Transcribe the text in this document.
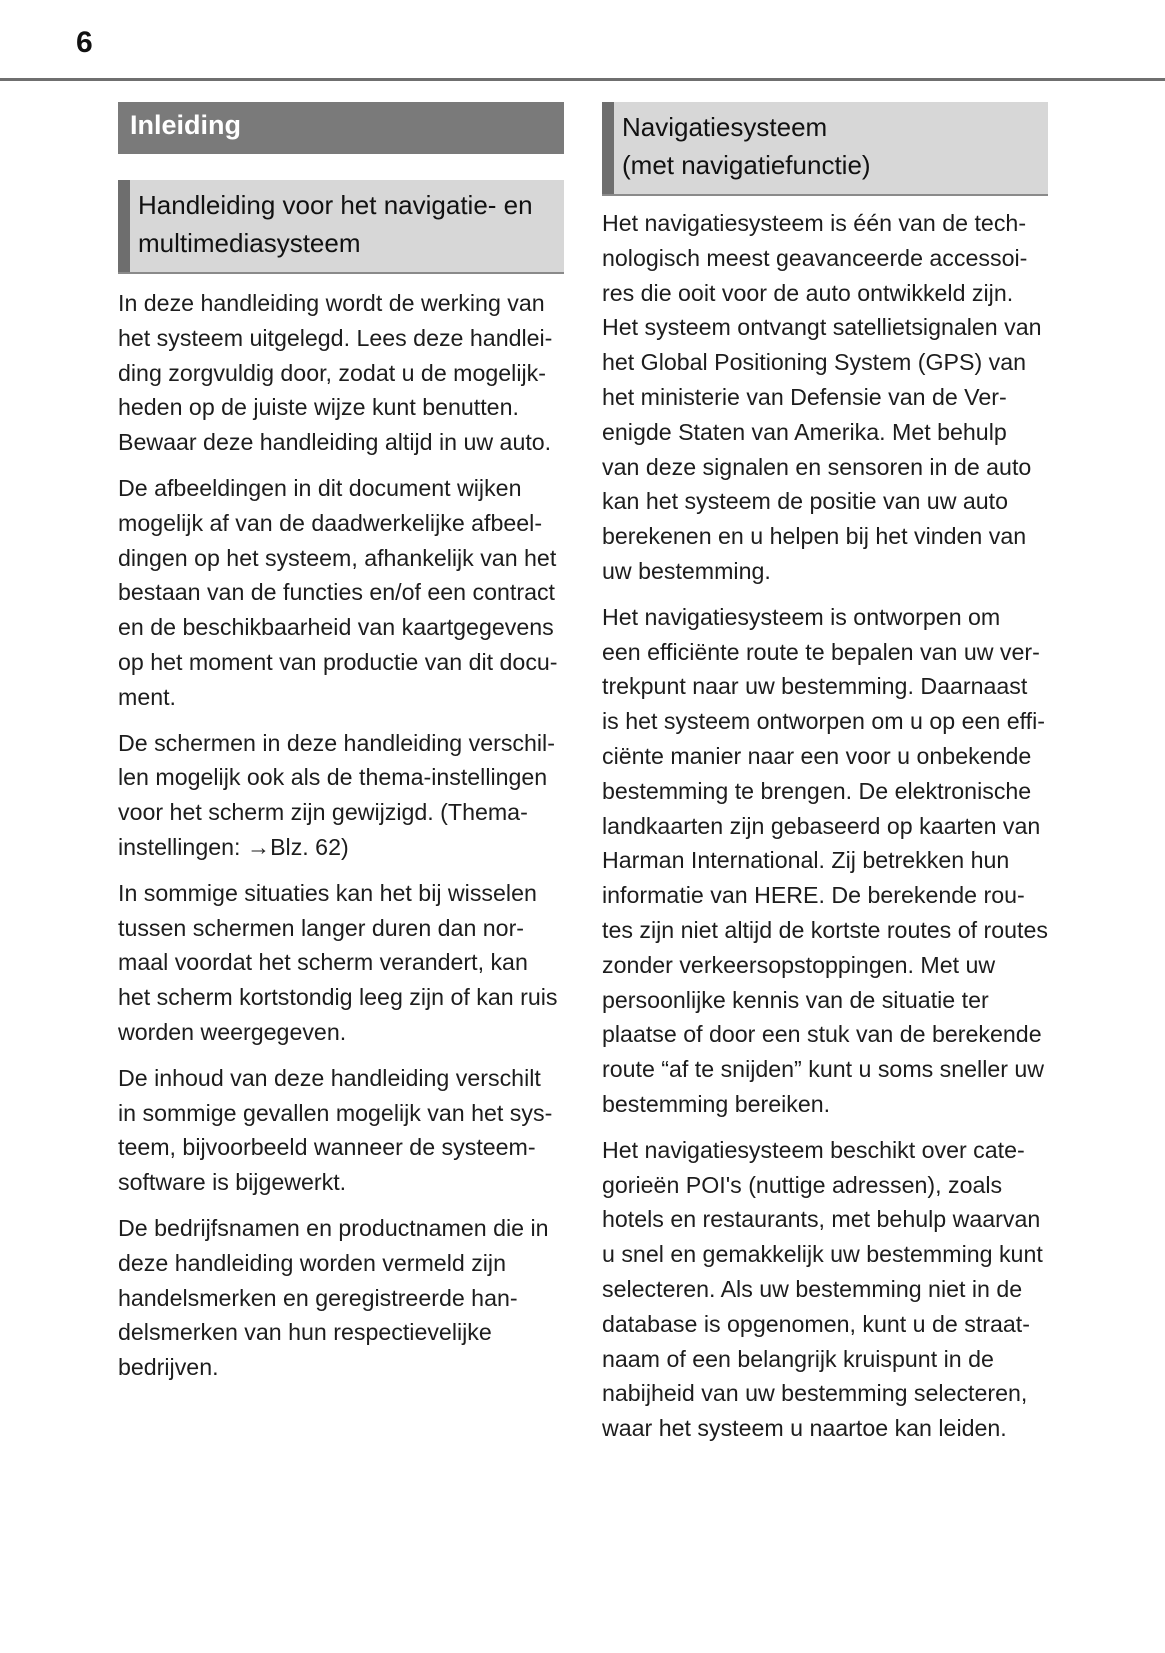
6
Inleiding
Handleiding voor het navigatie- en
multimediasysteem

In deze handleiding wordt de werking van
het systeem uitgelegd. Lees deze handlei-
ding zorgvuldig door, zodat u de mogelijk-
heden op de juiste wijze kunt benutten.
Bewaar deze handleiding altijd in uw auto.

De afbeeldingen in dit document wijken
mogelijk af van de daadwerkelijke afbeel-
dingen op het systeem, afhankelijk van het
bestaan van de functies en/of een contract
en de beschikbaarheid van kaartgegevens
op het moment van productie van dit docu-
ment.

De schermen in deze handleiding verschil-
len mogelijk ook als de thema-instellingen
voor het scherm zijn gewijzigd. (Thema-
instellingen: →Blz. 62)

In sommige situaties kan het bij wisselen
tussen schermen langer duren dan nor-
maal voordat het scherm verandert, kan
het scherm kortstondig leeg zijn of kan ruis
worden weergegeven.

De inhoud van deze handleiding verschilt
in sommige gevallen mogelijk van het sys-
teem, bijvoorbeeld wanneer de systeem-
software is bijgewerkt.

De bedrijfsnamen en productnamen die in
deze handleiding worden vermeld zijn
handelsmerken en geregistreerde han-
delsmerken van hun respectievelijke
bedrijven.

Navigatiesysteem
(met navigatiefunctie)

Het navigatiesysteem is één van de tech-
nologisch meest geavanceerde accessoi-
res die ooit voor de auto ontwikkeld zijn.
Het systeem ontvangt satellietsignalen van
het Global Positioning System (GPS) van
het ministerie van Defensie van de Ver-
enigde Staten van Amerika. Met behulp
van deze signalen en sensoren in de auto
kan het systeem de positie van uw auto
berekenen en u helpen bij het vinden van
uw bestemming.

Het navigatiesysteem is ontworpen om
een efficiënte route te bepalen van uw ver-
trekpunt naar uw bestemming. Daarnaast
is het systeem ontworpen om u op een effi-
ciënte manier naar een voor u onbekende
bestemming te brengen. De elektronische
landkaarten zijn gebaseerd op kaarten van
Harman International. Zij betrekken hun
informatie van HERE. De berekende rou-
tes zijn niet altijd de kortste routes of routes
zonder verkeersopstoppingen. Met uw
persoonlijke kennis van de situatie ter
plaatse of door een stuk van de berekende
route “af te snijden” kunt u soms sneller uw
bestemming bereiken.

Het navigatiesysteem beschikt over cate-
gorieën POI's (nuttige adressen), zoals
hotels en restaurants, met behulp waarvan
u snel en gemakkelijk uw bestemming kunt
selecteren. Als uw bestemming niet in de
database is opgenomen, kunt u de straat-
naam of een belangrijk kruispunt in de
nabijheid van uw bestemming selecteren,
waar het systeem u naartoe kan leiden.
